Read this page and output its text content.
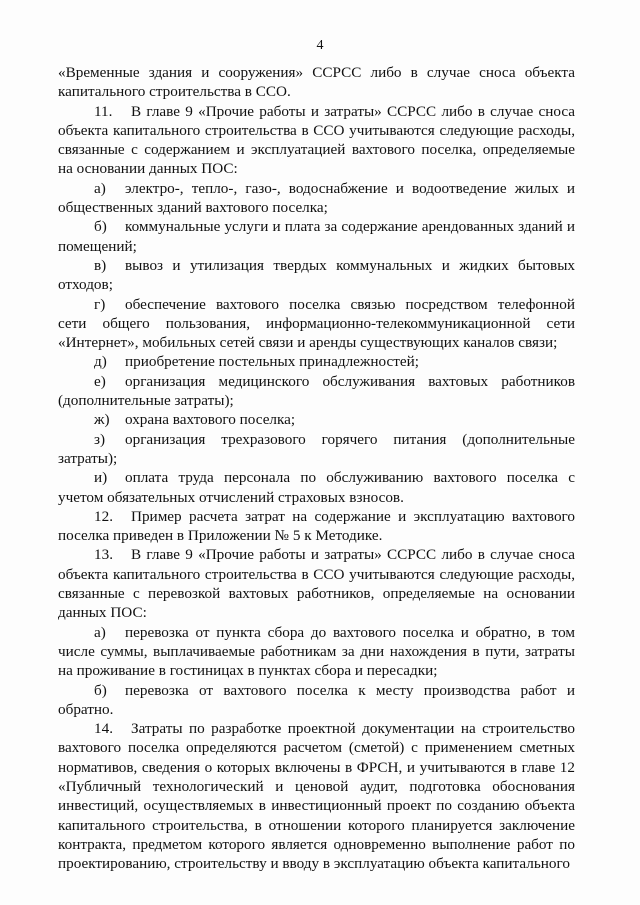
4

«Временные здания и сооружения» ССРСС либо в случае сноса объекта капитального строительства в ССО.

11. В главе 9 «Прочие работы и затраты» ССРСС либо в случае сноса объекта капитального строительства в ССО учитываются следующие расходы, связанные с содержанием и эксплуатацией вахтового поселка, определяемые на основании данных ПОС:

а) электро-, тепло-, газо-, водоснабжение и водоотведение жилых и общественных зданий вахтового поселка;

б) коммунальные услуги и плата за содержание арендованных зданий и помещений;

в) вывоз и утилизация твердых коммунальных и жидких бытовых отходов;

г) обеспечение вахтового поселка связью посредством телефонной сети общего пользования, информационно-телекоммуникационной сети «Интернет», мобильных сетей связи и аренды существующих каналов связи;

д) приобретение постельных принадлежностей;

е) организация медицинского обслуживания вахтовых работников (дополнительные затраты);

ж) охрана вахтового поселка;

з) организация трехразового горячего питания (дополнительные затраты);

и) оплата труда персонала по обслуживанию вахтового поселка с учетом обязательных отчислений страховых взносов.

12. Пример расчета затрат на содержание и эксплуатацию вахтового поселка приведен в Приложении № 5 к Методике.

13. В главе 9 «Прочие работы и затраты» ССРСС либо в случае сноса объекта капитального строительства в ССО учитываются следующие расходы, связанные с перевозкой вахтовых работников, определяемые на основании данных ПОС:

а) перевозка от пункта сбора до вахтового поселка и обратно, в том числе суммы, выплачиваемые работникам за дни нахождения в пути, затраты на проживание в гостиницах в пунктах сбора и пересадки;

б) перевозка от вахтового поселка к месту производства работ и обратно.

14. Затраты по разработке проектной документации на строительство вахтового поселка определяются расчетом (сметой) с применением сметных нормативов, сведения о которых включены в ФРСН, и учитываются в главе 12 «Публичный технологический и ценовой аудит, подготовка обоснования инвестиций, осуществляемых в инвестиционный проект по созданию объекта капитального строительства, в отношении которого планируется заключение контракта, предметом которого является одновременно выполнение работ по проектированию, строительству и вводу в эксплуатацию объекта капитального
